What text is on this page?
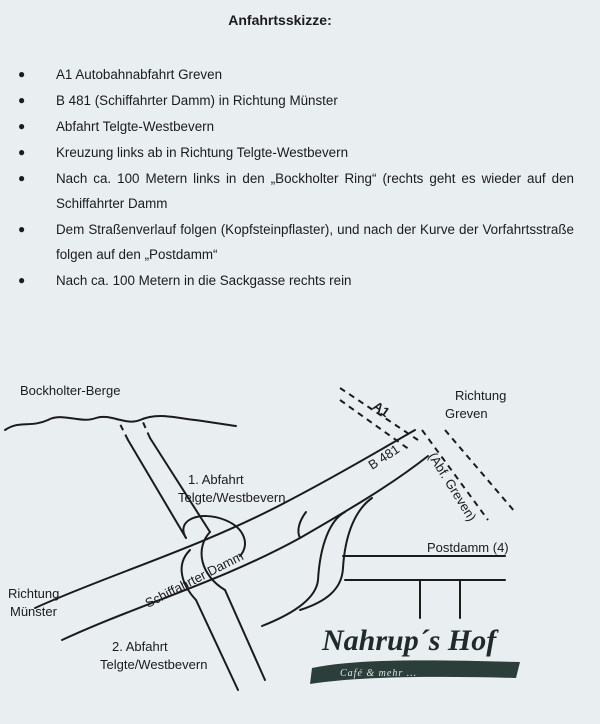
Anfahrtsskizze:
● A1 Autobahnabfahrt Greven
● B 481 (Schiffahrter Damm) in Richtung Münster
● Abfahrt Telgte-Westbevern
● Kreuzung links ab in Richtung Telgte-Westbevern
● Nach ca. 100 Metern links in den „Bockholter Ring“ (rechts geht es wieder auf den Schiffahrter Damm
● Dem Straßenverlauf folgen (Kopfsteinpflaster), und nach der Kurve der Vorfahrtsstraße folgen auf den „Postdamm“
● Nach ca. 100 Metern in die Sackgasse rechts rein
Bockholter-Berge	Richtung
Greven
A1
B 481 (Abf. Greven)
1. Abfahrt
Telgte/Westbevern
Postdamm (4)
Schiffahrter Damm
Richtung
Münster
2. Abfahrt
Telgte/Westbevern
Nahrup´s Hof
Café & mehr ...
